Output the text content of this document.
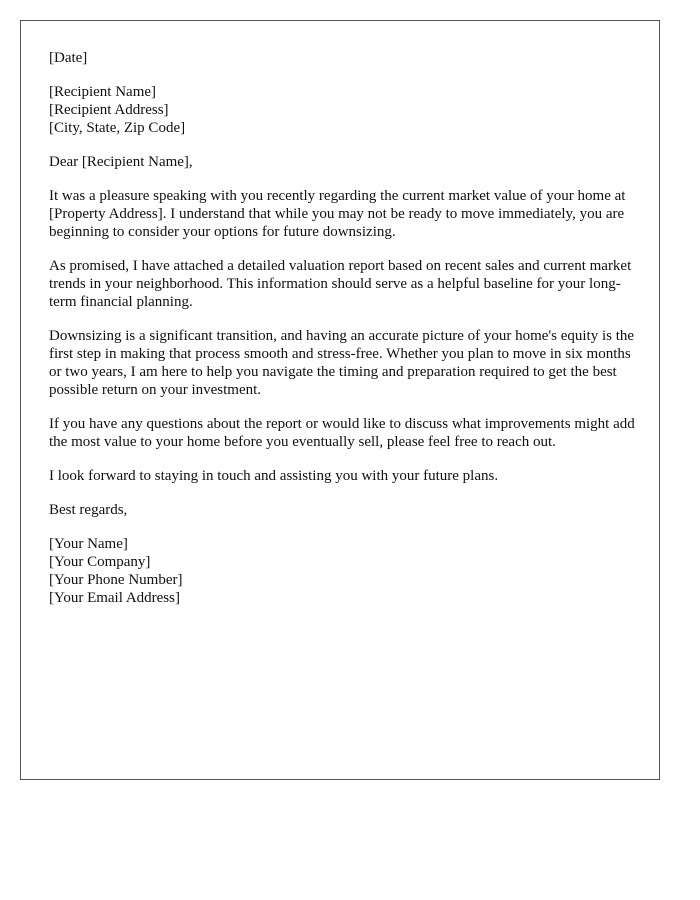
[Date]
[Recipient Name]
[Recipient Address]
[City, State, Zip Code]
Dear [Recipient Name],

It was a pleasure speaking with you recently regarding the current market value of your home at [Property Address]. I understand that while you may not be ready to move immediately, you are beginning to consider your options for future downsizing.

As promised, I have attached a detailed valuation report based on recent sales and current market trends in your neighborhood. This information should serve as a helpful baseline for your long-term financial planning.

Downsizing is a significant transition, and having an accurate picture of your home's equity is the first step in making that process smooth and stress-free. Whether you plan to move in six months or two years, I am here to help you navigate the timing and preparation required to get the best possible return on your investment.

If you have any questions about the report or would like to discuss what improvements might add the most value to your home before you eventually sell, please feel free to reach out.

I look forward to staying in touch and assisting you with your future plans.

Best regards,
[Your Name]
[Your Company]
[Your Phone Number]
[Your Email Address]
